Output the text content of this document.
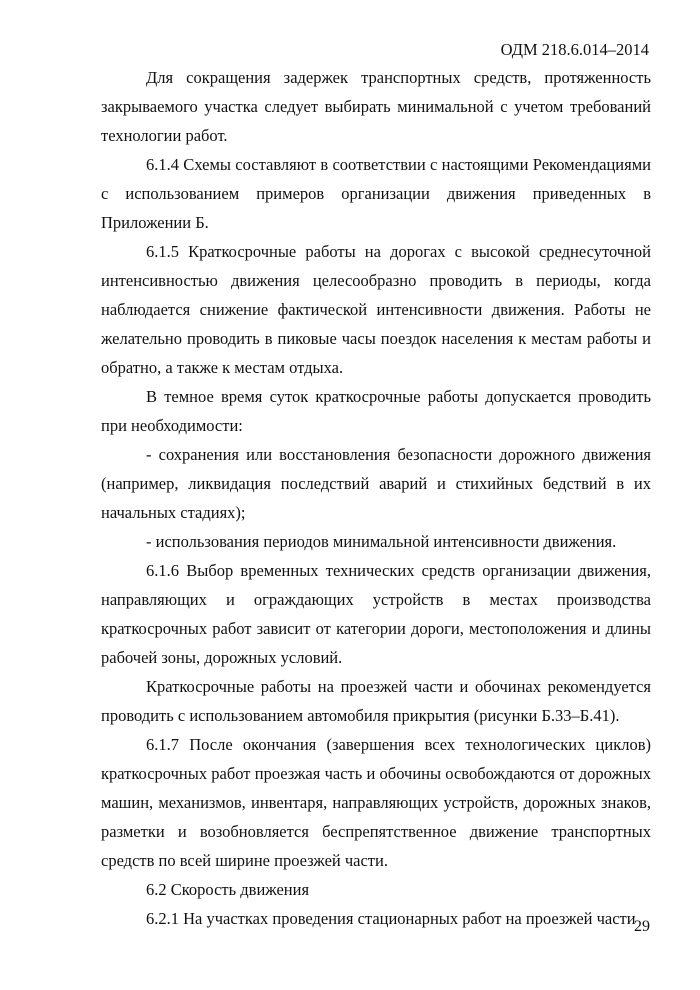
ОДМ 218.6.014–2014

Для сокращения задержек транспортных средств, протяженность закрываемого участка следует выбирать минимальной с учетом требований технологии работ.

6.1.4 Схемы составляют в соответствии с настоящими Рекомендациями с использованием примеров организации движения приведенных в Приложении Б.

6.1.5 Краткосрочные работы на дорогах с высокой среднесуточной интенсивностью движения целесообразно проводить в периоды, когда наблюдается снижение фактической интенсивности движения. Работы не желательно проводить в пиковые часы поездок населения к местам работы и обратно, а также к местам отдыха.

В темное время суток краткосрочные работы допускается проводить при необходимости:

- сохранения или восстановления безопасности дорожного движения (например, ликвидация последствий аварий и стихийных бедствий в их начальных стадиях);

- использования периодов минимальной интенсивности движения.

6.1.6 Выбор временных технических средств организации движения, направляющих и ограждающих устройств в местах производства краткосрочных работ зависит от категории дороги, местоположения и длины рабочей зоны, дорожных условий.

Краткосрочные работы на проезжей части и обочинах рекомендуется проводить с использованием автомобиля прикрытия (рисунки Б.33–Б.41).

6.1.7 После окончания (завершения всех технологических циклов) краткосрочных работ проезжая часть и обочины освобождаются от дорожных машин, механизмов, инвентаря, направляющих устройств, дорожных знаков, разметки и возобновляется беспрепятственное движение транспортных средств по всей ширине проезжей части.

6.2 Скорость движения

6.2.1 На участках проведения стационарных работ на проезжей части

29
